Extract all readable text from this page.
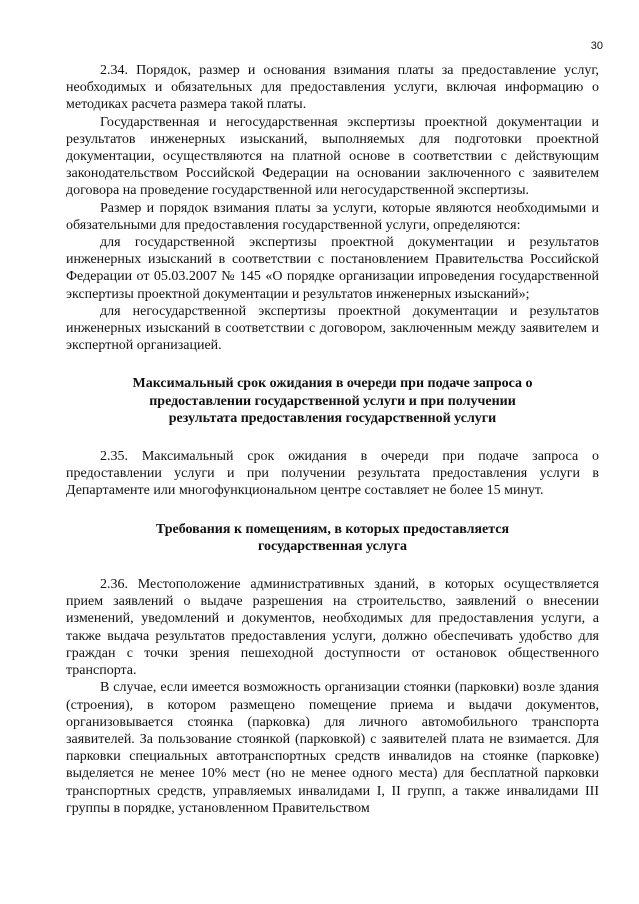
30

2.34. Порядок, размер и основания взимания платы за предоставление услуг, необходимых и обязательных для предоставления услуги, включая информацию о методиках расчета размера такой платы.

Государственная и негосударственная экспертизы проектной документации и результатов инженерных изысканий, выполняемых для подготовки проектной документации, осуществляются на платной основе в соответствии с действующим законодательством Российской Федерации на основании заключенного с заявителем договора на проведение государственной или негосударственной экспертизы.

Размер и порядок взимания платы за услуги, которые являются необходимыми и обязательными для предоставления государственной услуги, определяются:

для государственной экспертизы проектной документации и результатов инженерных изысканий в соответствии с постановлением Правительства Российской Федерации от 05.03.2007 № 145 «О порядке организации ипроведения государственной экспертизы проектной документации и результатов инженерных изысканий»;

для негосударственной экспертизы проектной документации и результатов инженерных изысканий в соответствии с договором, заключенным между заявителем и экспертной организацией.

Максимальный срок ожидания в очереди при подаче запроса о
предоставлении государственной услуги и при получении
результата предоставления государственной услуги

2.35. Максимальный срок ожидания в очереди при подаче запроса о предоставлении услуги и при получении результата предоставления услуги в Департаменте или многофункциональном центре составляет не более 15 минут.

Требования к помещениям, в которых предоставляется
государственная услуга

2.36. Местоположение административных зданий, в которых осуществляется прием заявлений о выдаче разрешения на строительство, заявлений о внесении изменений, уведомлений и документов, необходимых для предоставления услуги, а также выдача результатов предоставления услуги, должно обеспечивать удобство для граждан с точки зрения пешеходной доступности от остановок общественного транспорта.

В случае, если имеется возможность организации стоянки (парковки) возле здания (строения), в котором размещено помещение приема и выдачи документов, организовывается стоянка (парковка) для личного автомобильного транспорта заявителей. За пользование стоянкой (парковкой) с заявителей плата не взимается. Для парковки специальных автотранспортных средств инвалидов на стоянке (парковке) выделяется не менее 10% мест (но не менее одного места) для бесплатной парковки транспортных средств, управляемых инвалидами I, II групп, а также инвалидами III группы в порядке, установленном Правительством
